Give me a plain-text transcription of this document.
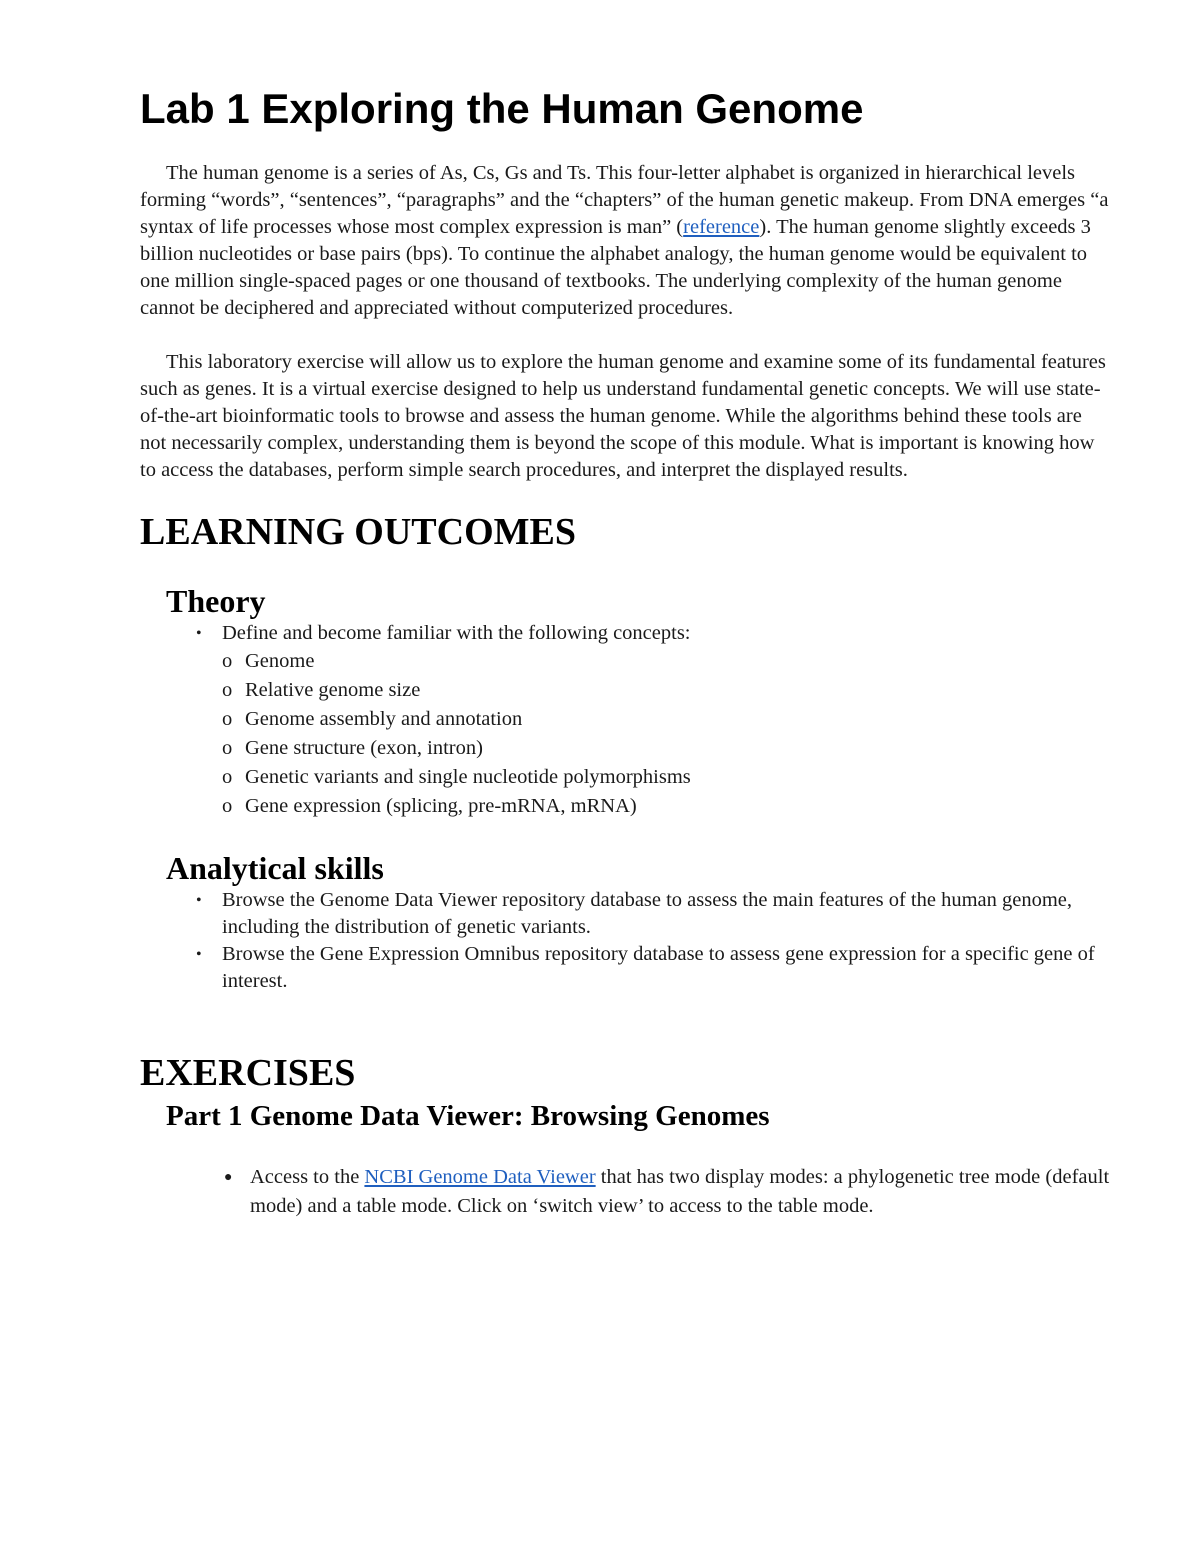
Lab 1 Exploring the Human Genome

The human genome is a series of As, Cs, Gs and Ts. This four-letter alphabet is organized in hierarchical levels forming “words”, “sentences”, “paragraphs” and the “chapters” of the human genetic makeup. From DNA emerges “a syntax of life processes whose most complex expression is man” (reference). The human genome slightly exceeds 3 billion nucleotides or base pairs (bps). To continue the alphabet analogy, the human genome would be equivalent to one million single-spaced pages or one thousand of textbooks. The underlying complexity of the human genome cannot be deciphered and appreciated without computerized procedures.

This laboratory exercise will allow us to explore the human genome and examine some of its fundamental features such as genes. It is a virtual exercise designed to help us understand fundamental genetic concepts. We will use state-of-the-art bioinformatic tools to browse and assess the human genome. While the algorithms behind these tools are not necessarily complex, understanding them is beyond the scope of this module. What is important is knowing how to access the databases, perform simple search procedures, and interpret the displayed results.

LEARNING OUTCOMES
Theory
• Define and become familiar with the following concepts:
o Genome
o Relative genome size
o Genome assembly and annotation
o Gene structure (exon, intron)
o Genetic variants and single nucleotide polymorphisms
o Gene expression (splicing, pre-mRNA, mRNA)
Analytical skills
• Browse the Genome Data Viewer repository database to assess the main features of the human genome, including the distribution of genetic variants.
• Browse the Gene Expression Omnibus repository database to assess gene expression for a specific gene of interest.
EXERCISES
Part 1 Genome Data Viewer: Browsing Genomes
● Access to the NCBI Genome Data Viewer that has two display modes: a phylogenetic tree mode (default mode) and a table mode. Click on ‘switch view’ to access to the table mode.
